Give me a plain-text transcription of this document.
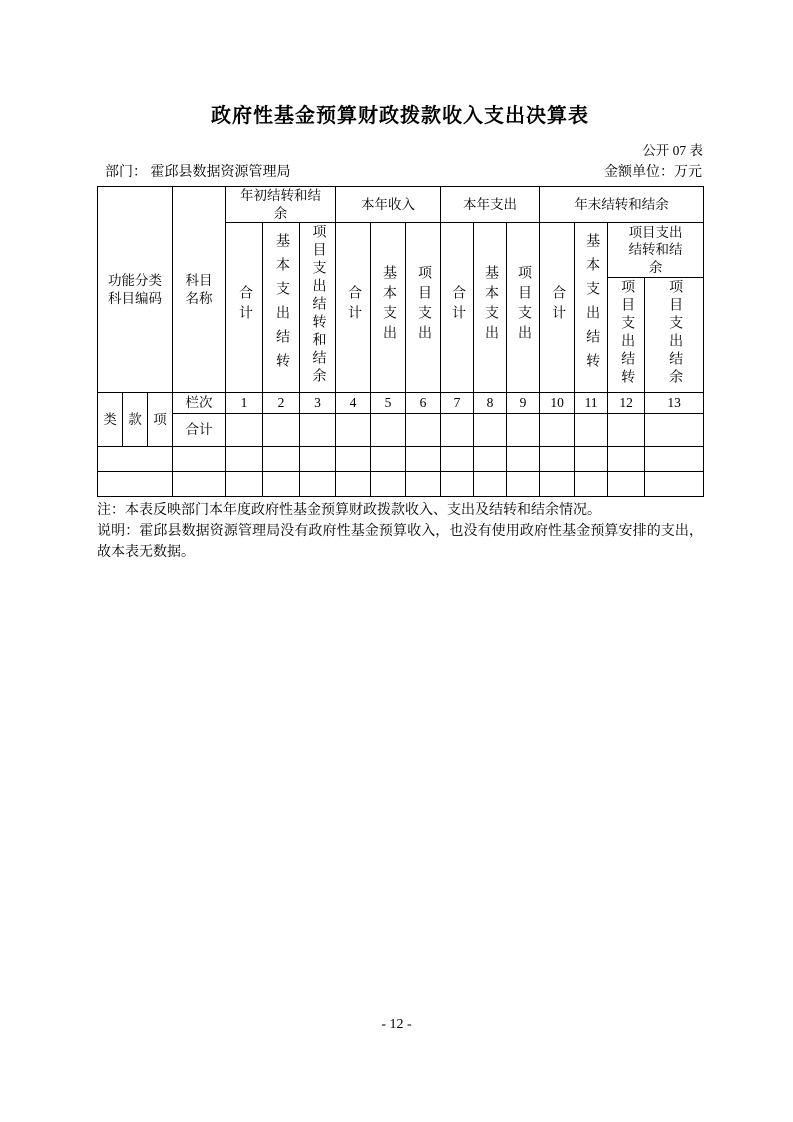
政府性基金预算财政拨款收入支出决算表
公开 07 表
部门： 霍邱县数据资源管理局	金额单位：万元
功能分类科目编码			科目名称	年初结转和结余			本年收入			本年支出			年末结转和结余			
				合计	基本支出结转	项目支出结转和结余	合计	基本支出	项目支出	合计	基本支出	项目支出	合计	基本支出结转	项目支出结转和结余	
															项目支出结转	项目支出结余
类	款	项	栏次	1	2	3	4	5	6	7	8	9	10	11	12	13
			合计													

注：本表反映部门本年度政府性基金预算财政拨款收入、支出及结转和结余情况。

说明：霍邱县数据资源管理局没有政府性基金预算收入，也没有使用政府性基金预算安排的支出，故本表无数据。

- 12 -
